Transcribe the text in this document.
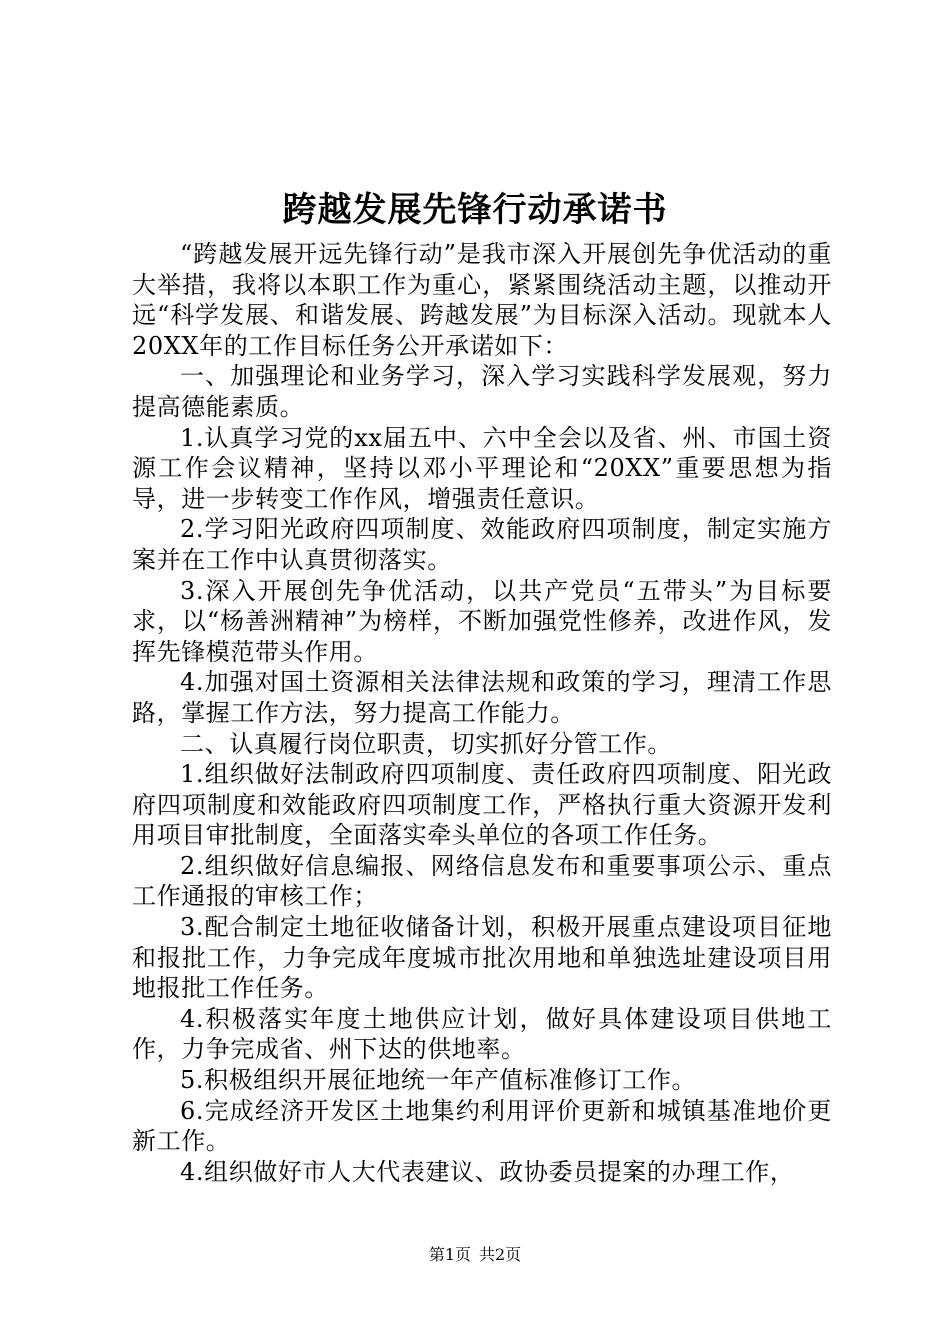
跨越发展先锋行动承诺书

“跨越发展开远先锋行动”是我市深入开展创先争优活动的重大举措，我将以本职工作为重心，紧紧围绕活动主题，以推动开远“科学发展、和谐发展、跨越发展”为目标深入活动。现就本人20XX年的工作目标任务公开承诺如下：

一、加强理论和业务学习，深入学习实践科学发展观，努力提高德能素质。

1.认真学习党的xx届五中、六中全会以及省、州、市国土资源工作会议精神，坚持以邓小平理论和“20XX”重要思想为指导，进一步转变工作作风，增强责任意识。

2.学习阳光政府四项制度、效能政府四项制度，制定实施方案并在工作中认真贯彻落实。

3.深入开展创先争优活动，以共产党员“五带头”为目标要求，以“杨善洲精神”为榜样，不断加强党性修养，改进作风，发挥先锋模范带头作用。

4.加强对国土资源相关法律法规和政策的学习，理清工作思路，掌握工作方法，努力提高工作能力。

二、认真履行岗位职责，切实抓好分管工作。

1.组织做好法制政府四项制度、责任政府四项制度、阳光政府四项制度和效能政府四项制度工作，严格执行重大资源开发利用项目审批制度，全面落实牵头单位的各项工作任务。

2.组织做好信息编报、网络信息发布和重要事项公示、重点工作通报的审核工作；

3.配合制定土地征收储备计划，积极开展重点建设项目征地和报批工作，力争完成年度城市批次用地和单独选址建设项目用地报批工作任务。

4.积极落实年度土地供应计划，做好具体建设项目供地工作，力争完成省、州下达的供地率。

5.积极组织开展征地统一年产值标准修订工作。

6.完成经济开发区土地集约利用评价更新和城镇基准地价更新工作。

4.组织做好市人大代表建议、政协委员提案的办理工作，

第1页 共2页
